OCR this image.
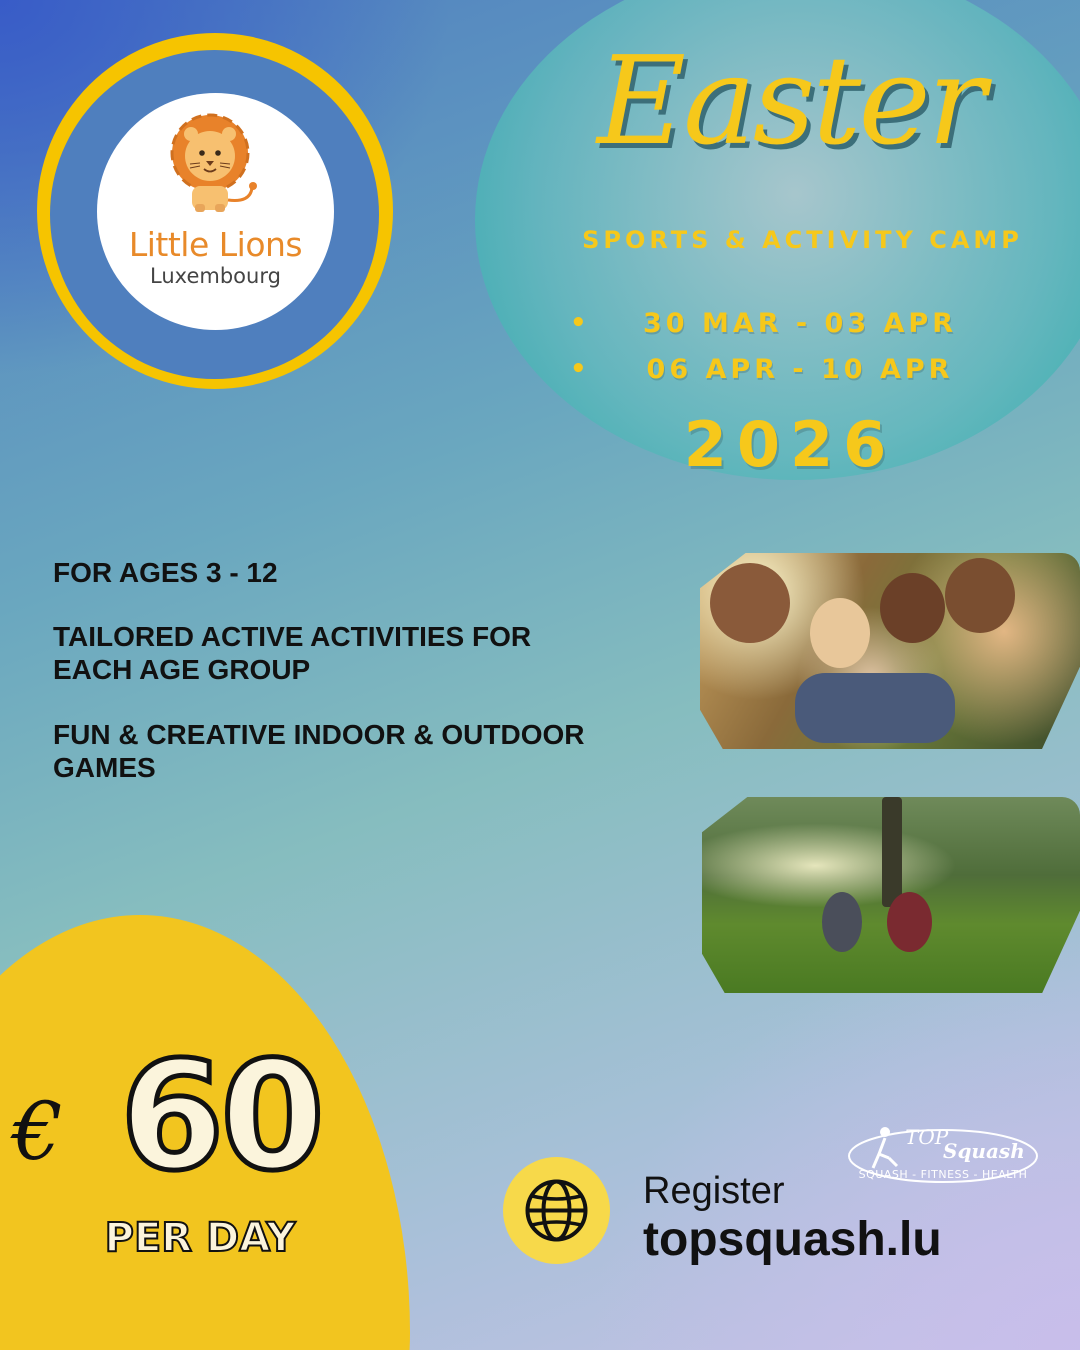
Little Lions
Luxembourg
Easter
SPORTS & ACTIVITY CAMP
•	30 MAR - 03 APR
•	06 APR - 10 APR
2026
FOR AGES 3 - 12
TAILORED ACTIVE ACTIVITIES FOR EACH AGE GROUP
FUN & CREATIVE INDOOR & OUTDOOR GAMES
€ 60
PER DAY
Register
topsquash.lu
TOP
Squash
SQUASH - FITNESS - HEALTH
